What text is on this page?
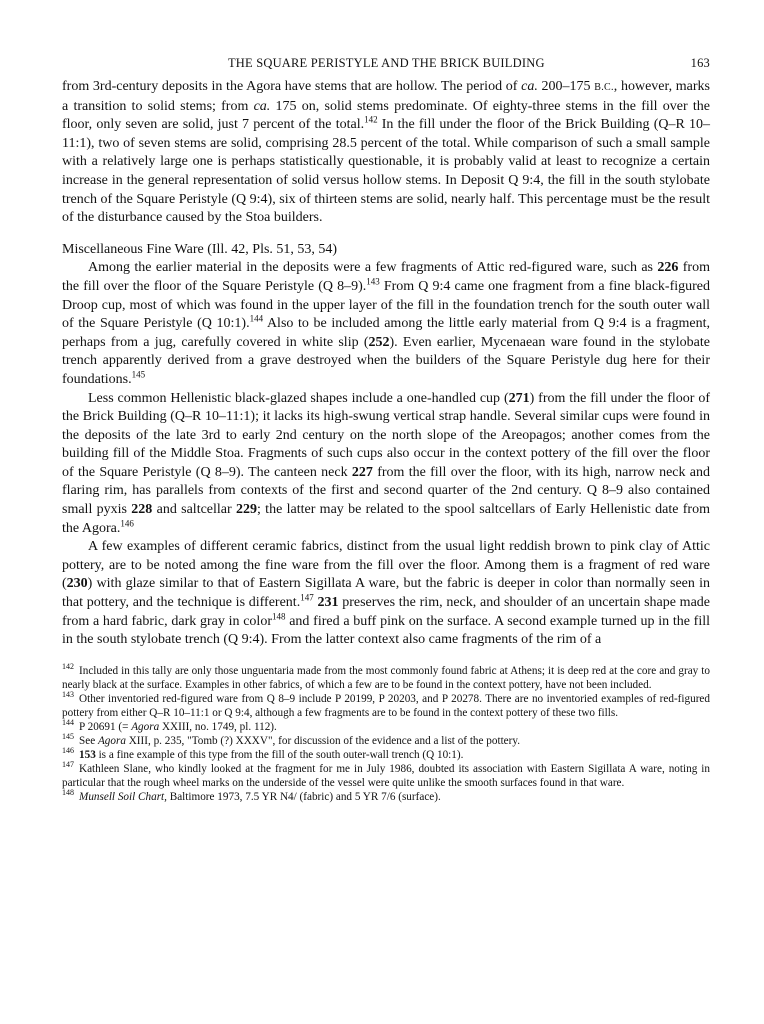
THE SQUARE PERISTYLE AND THE BRICK BUILDING	163

from 3rd-century deposits in the Agora have stems that are hollow. The period of ca. 200–175 B.C., however, marks a transition to solid stems; from ca. 175 on, solid stems predominate. Of eighty-three stems in the fill over the floor, only seven are solid, just 7 percent of the total.$^{142}$ In the fill under the floor of the Brick Building (Q–R 10–11:1), two of seven stems are solid, comprising 28.5 percent of the total. While comparison of such a small sample with a relatively large one is perhaps statistically questionable, it is probably valid at least to recognize a certain increase in the general representation of solid versus hollow stems. In Deposit Q 9:4, the fill in the south stylobate trench of the Square Peristyle (Q 9:4), six of thirteen stems are solid, nearly half. This percentage must be the result of the disturbance caused by the Stoa builders.

Miscellaneous Fine Ware (Ill. 42, Pls. 51, 53, 54)

Among the earlier material in the deposits were a few fragments of Attic red-figured ware, such as 226 from the fill over the floor of the Square Peristyle (Q 8–9).$^{143}$ From Q 9:4 came one fragment from a fine black-figured Droop cup, most of which was found in the upper layer of the fill in the foundation trench for the south outer wall of the Square Peristyle (Q 10:1).$^{144}$ Also to be included among the little early material from Q 9:4 is a fragment, perhaps from a jug, carefully covered in white slip (252). Even earlier, Mycenaean ware found in the stylobate trench apparently derived from a grave destroyed when the builders of the Square Peristyle dug here for their foundations.$^{145}$

Less common Hellenistic black-glazed shapes include a one-handled cup (271) from the fill under the floor of the Brick Building (Q–R 10–11:1); it lacks its high-swung vertical strap handle. Several similar cups were found in the deposits of the late 3rd to early 2nd century on the north slope of the Areopagos; another comes from the building fill of the Middle Stoa. Fragments of such cups also occur in the context pottery of the fill over the floor of the Square Peristyle (Q 8–9). The canteen neck 227 from the fill over the floor, with its high, narrow neck and flaring rim, has parallels from contexts of the first and second quarter of the 2nd century. Q 8–9 also contained small pyxis 228 and saltcellar 229; the latter may be related to the spool saltcellars of Early Hellenistic date from the Agora.$^{146}$

A few examples of different ceramic fabrics, distinct from the usual light reddish brown to pink clay of Attic pottery, are to be noted among the fine ware from the fill over the floor. Among them is a fragment of red ware (230) with glaze similar to that of Eastern Sigillata A ware, but the fabric is deeper in color than normally seen in that pottery, and the technique is different.$^{147}$ 231 preserves the rim, neck, and shoulder of an uncertain shape made from a hard fabric, dark gray in color$^{148}$ and fired a buff pink on the surface. A second example turned up in the fill in the south stylobate trench (Q 9:4). From the latter context also came fragments of the rim of a

$^{142}$ Included in this tally are only those unguentaria made from the most commonly found fabric at Athens; it is deep red at the core and gray to nearly black at the surface. Examples in other fabrics, of which a few are to be found in the context pottery, have not been included.

$^{143}$ Other inventoried red-figured ware from Q 8–9 include P 20199, P 20203, and P 20278. There are no inventoried examples of red-figured pottery from either Q–R 10–11:1 or Q 9:4, although a few fragments are to be found in the context pottery of these two fills.

$^{144}$ P 20691 (= Agora XXIII, no. 1749, pl. 112).

$^{145}$ See Agora XIII, p. 235, "Tomb (?) XXXV", for discussion of the evidence and a list of the pottery.

$^{146}$ 153 is a fine example of this type from the fill of the south outer-wall trench (Q 10:1).

$^{147}$ Kathleen Slane, who kindly looked at the fragment for me in July 1986, doubted its association with Eastern Sigillata A ware, noting in particular that the rough wheel marks on the underside of the vessel were quite unlike the smooth surfaces found in that ware.

$^{148}$ Munsell Soil Chart, Baltimore 1973, 7.5 YR N4/ (fabric) and 5 YR 7/6 (surface).
